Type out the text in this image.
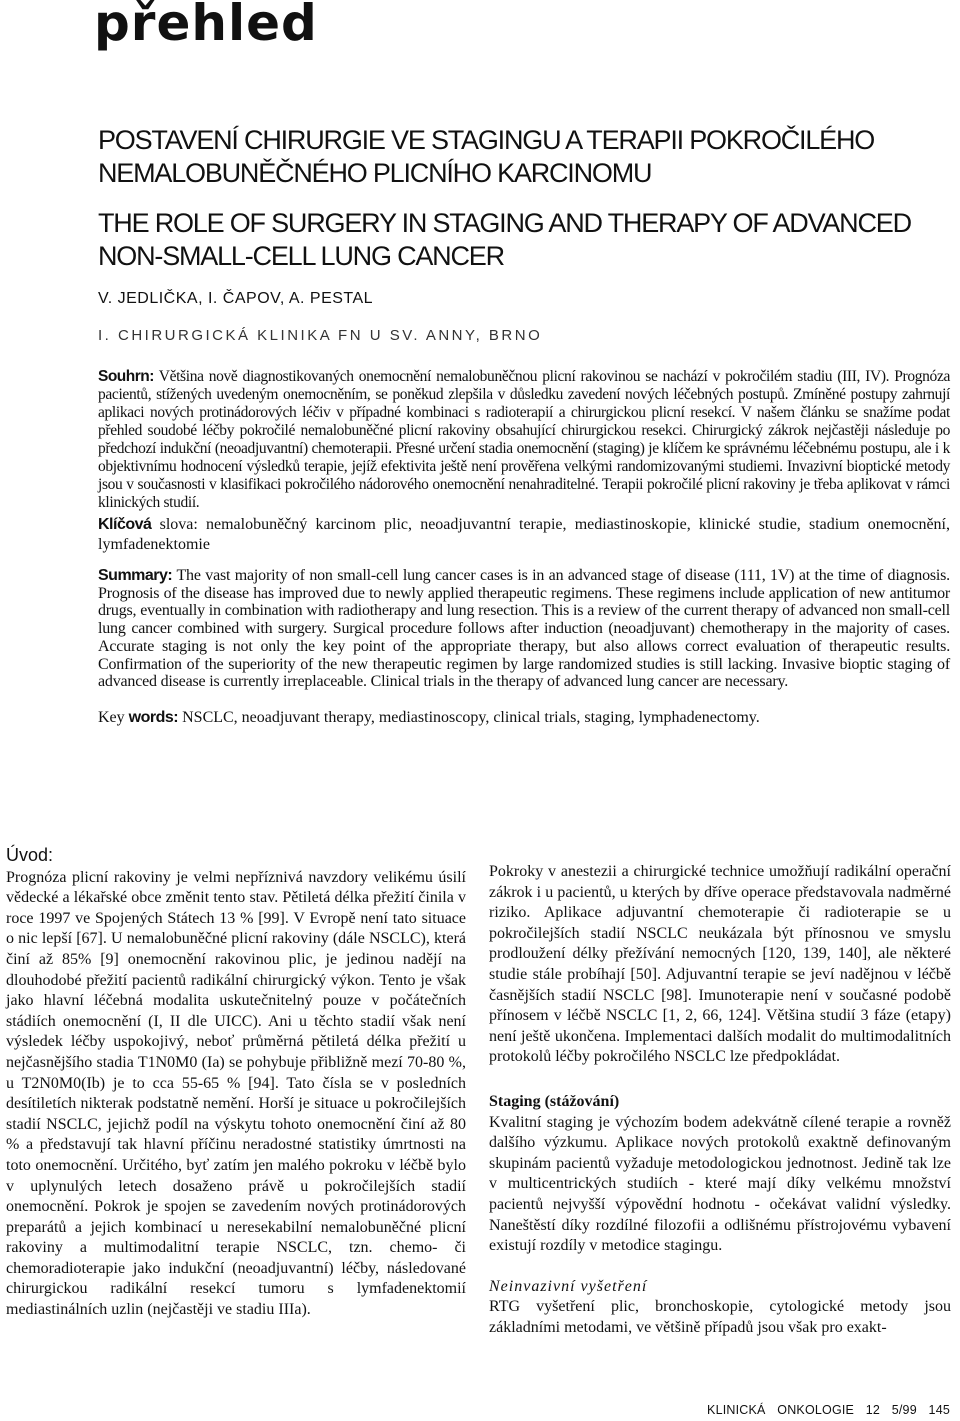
přehled
POSTAVENÍ CHIRURGIE VE STAGINGU A TERAPII POKROČILÉHO NEMALOBUNĚČNÉHO PLICNÍHO KARCINOMU
THE ROLE OF SURGERY IN STAGING AND THERAPY OF ADVANCED NON-SMALL-CELL LUNG CANCER
V. JEDLIČKA, I. ČAPOV, A. PESTAL
I. CHIRURGICKÁ KLINIKA FN U SV. ANNY, BRNO

Souhrn: Většina nově diagnostikovaných onemocnění nemalobuněčnou plicní rakovinou se nachází v pokročilém stadiu (III, IV). Prognóza pacientů, stížených uvedeným onemocněním, se poněkud zlepšila v důsledku zavedení nových léčebných postupů. Zmíněné postupy zahrnují aplikaci nových protinádorových léčiv v případné kombinaci s radioterapií a chirurgickou plicní resekcí. V našem článku se snažíme podat přehled soudobé léčby pokročilé nemalobuněčné plicní rakoviny obsahující chirurgickou resekci. Chirurgický zákrok nejčastěji následuje po předchozí indukční (neoadjuvantní) chemoterapii. Přesné určení stadia onemocnění (staging) je klíčem ke správnému léčebnému postupu, ale i k objektivnímu hodnocení výsledků terapie, jejíž efektivita ještě není prověřena velkými randomizovanými studiemi. Invazivní bioptické metody jsou v současnosti v klasifikaci pokročilého nádorového onemocnění nenahraditelné. Terapii pokročilé plicní rakoviny je třeba aplikovat v rámci klinických studií.

Klíčová slova: nemalobuněčný karcinom plic, neoadjuvantní terapie, mediastinoskopie, klinické studie, stadium onemocnění, lymfadenektomie

Summary: The vast majority of non small-cell lung cancer cases is in an advanced stage of disease (111, 1V) at the time of diagnosis. Prognosis of the disease has improved due to newly applied therapeutic regimens. These regimens include application of new antitumor drugs, eventually in combination with radiotherapy and lung resection. This is a review of the current therapy of advanced non small-cell lung cancer combined with surgery. Surgical procedure follows after induction (neoadjuvant) chemotherapy in the majority of cases. Accurate staging is not only the key point of the appropriate therapy, but also allows correct evaluation of therapeutic results. Confirmation of the superiority of the new therapeutic regimen by large randomized studies is still lacking. Invasive bioptic staging of advanced disease is currently irreplaceable. Clinical trials in the therapy of advanced lung cancer are necessary.

Key words: NSCLC, neoadjuvant therapy, mediastinoscopy, clinical trials, staging, lymphadenectomy.

Úvod:

Prognóza plicní rakoviny je velmi nepříznivá navzdory velikému úsilí vědecké a lékařské obce změnit tento stav. Pětiletá délka přežití činila v roce 1997 ve Spojených Státech 13 % [99]. V Evropě není tato situace o nic lepší [67]. U nemalobuněčné plicní rakoviny (dále NSCLC), která činí až 85% [9] onemocnění rakovinou plic, je jedinou nadějí na dlouhodobé přežití pacientů radikální chirurgický výkon. Tento je však jako hlavní léčebná modalita uskutečnitelný pouze v počátečních stádiích onemocnění (I, II dle UICC). Ani u těchto stadií však není výsledek léčby uspokojivý, neboť průměrná pětiletá délka přežití u nejčasnějšího stadia T1N0M0 (Ia) se pohybuje přibližně mezí 70-80 %, u T2N0M0(Ib) je to cca 55-65 % [94]. Tato čísla se v posledních desítiletích nikterak podstatně nemění. Horší je situace u pokročilejších stadií NSCLC, jejichž podíl na výskytu tohoto onemocnění činí až 80 % a představují tak hlavní příčinu neradostné statistiky úmrtnosti na toto onemocnění. Určitého, byť zatím jen malého pokroku v léčbě bylo v uplynulých letech dosaženo právě u pokročilejších stadií onemocnění. Pokrok je spojen se zavedením nových protinádorových preparátů a jejich kombinací u neresekabilní nemalobuněčné plicní rakoviny a multimodalitní terapie NSCLC, tzn. chemo- či chemoradioterapie jako indukční (neoadjuvantní) léčby, následované chirurgickou radikální resekcí tumoru s lymfadenektomií mediastinálních uzlin (nejčastěji ve stadiu IIIa).

Pokroky v anestezii a chirurgické technice umožňují radikální operační zákrok i u pacientů, u kterých by dříve operace představovala nadměrné riziko. Aplikace adjuvantní chemoterapie či radioterapie se u pokročilejších stadií NSCLC neukázala být přínosnou ve smyslu prodloužení délky přežívání nemocných [120, 139, 140], ale některé studie stále probíhají [50]. Adjuvantní terapie se jeví nadějnou v léčbě časnějších stadií NSCLC [98]. Imunoterapie není v současné podobě přínosem v léčbě NSCLC [1, 2, 66, 124]. Většina studií 3 fáze (etapy) není ještě ukončena. Implementaci dalších modalit do multimodalitních protokolů léčby pokročilého NSCLC lze předpokládat.

Staging (stážování)

Kvalitní staging je výchozím bodem adekvátně cílené terapie a rovněž dalšího výzkumu. Aplikace nových protokolů exaktně definovaným skupinám pacientů vyžaduje metodologickou jednotnost. Jedině tak lze v multicentrických studiích - které mají díky velkému množství pacientů nejvyšší výpovědní hodnotu - očekávat validní výsledky. Naneštěstí díky rozdílné filozofii a odlišnému přístrojovému vybavení existují rozdíly v metodice stagingu.

Neinvazivní vyšetření

RTG vyšetření plic, bronchoskopie, cytologické metody jsou základními metodami, ve většině případů jsou však pro exakt-

KLINICKÁ ONKOLOGIE 12 5/99 145
